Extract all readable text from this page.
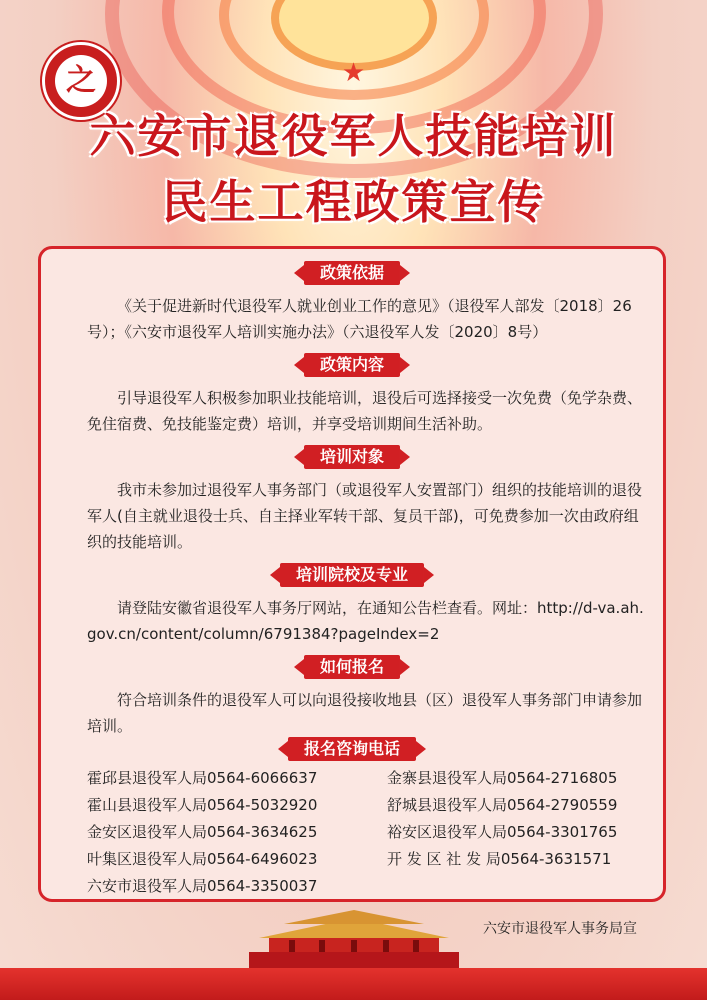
★
之
六安市退役军人技能培训
民生工程政策宣传
政策依据
《关于促进新时代退役军人就业创业工作的意见》（退役军人部发〔2018〕26号）；《六安市退役军人培训实施办法》（六退役军人发〔2020〕8号）
政策内容
引导退役军人积极参加职业技能培训，退役后可选择接受一次免费（免学杂费、免住宿费、免技能鉴定费）培训，并享受培训期间生活补助。
培训对象
我市未参加过退役军人事务部门（或退役军人安置部门）组织的技能培训的退役军人(自主就业退役士兵、自主择业军转干部、复员干部)，可免费参加一次由政府组织的技能培训。
培训院校及专业
请登陆安徽省退役军人事务厅网站，在通知公告栏查看。网址：http://d-va.ah.gov.cn/content/column/6791384?pageIndex=2
如何报名
符合培训条件的退役军人可以向退役接收地县（区）退役军人事务部门申请参加培训。
报名咨询电话
霍邱县退役军人局0564-6066637	金寨县退役军人局0564-2716805
霍山县退役军人局0564-5032920	舒城县退役军人局0564-2790559
金安区退役军人局0564-3634625	裕安区退役军人局0564-3301765
叶集区退役军人局0564-6496023	开 发 区 社 发 局0564-3631571
六安市退役军人局0564-3350037
六安市退役军人事务局宣
